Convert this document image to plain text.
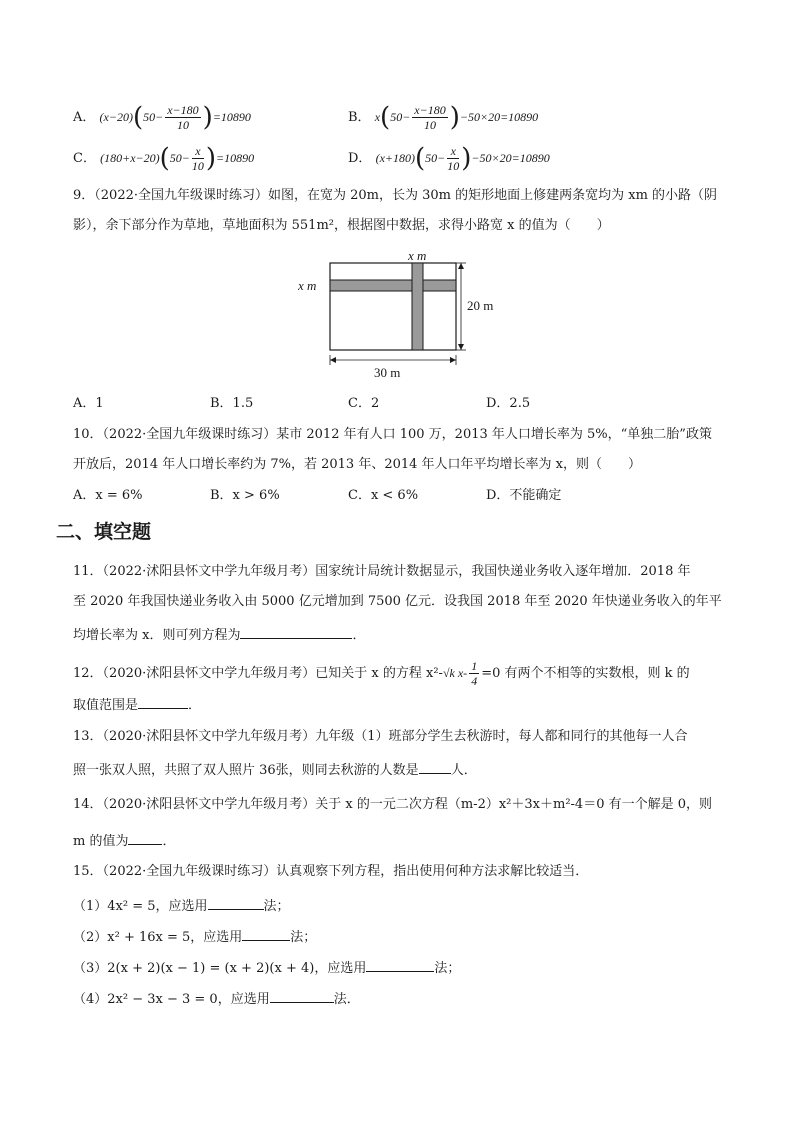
A． $(x-20)(50- \frac{x-180}{10} )=10890$	B． $x(50- \frac{x-180}{10} )-50\times 20=10890$
C． $(180+x-20)(50- \frac{x}{10} )=10890$	D． $(x+180)(50- \frac{x}{10} )-50\times 20=10890$
9．（2022·全国九年级课时练习）如图，在宽为 20m，长为 30m 的矩形地面上修建两条宽均为 xm 的小路（阴
影），余下部分作为草地，草地面积为 551m²，根据图中数据，求得小路宽 x 的值为（　　）
x m
x m
20 m
30 m
A．1	B．1.5	C．2	D．2.5
10．（2022·全国九年级课时练习）某市 2012 年有人口 100 万，2013 年人口增长率为 5%，“单独二胎”政策
开放后，2014 年人口增长率约为 7%，若 2013 年、2014 年人口年平均增长率为 x，则（　　）
A．x = 6%	B．x > 6%	C．x < 6%	D．不能确定
二、填空题
11．（2022·沭阳县怀文中学九年级月考）国家统计局统计数据显示，我国快递业务收入逐年增加．2018 年
至 2020 年我国快递业务收入由 5000 亿元增加到 7500 亿元．设我国 2018 年至 2020 年快递业务收入的年平
均增长率为 x．则可列方程为	．
12．（2020·沭阳县怀文中学九年级月考）已知关于 x 的方程 x²-√k $x- \frac{1}{4} =0$ 有两个不相等的实数根，则 k 的
取值范围是	．
13．（2020·沭阳县怀文中学九年级月考）九年级（1）班部分学生去秋游时，每人都和同行的其他每一人合
照一张双人照，共照了双人照片 36张，则同去秋游的人数是 人．
14．（2020·沭阳县怀文中学九年级月考）关于 x 的一元二次方程（m-2）x²＋3x＋m²-4＝0 有一个解是 0，则
m 的值为	．
15．（2022·全国九年级课时练习）认真观察下列方程，指出使用何种方法求解比较适当．
（1）4x² = 5，应选用	法；
（2）x² + 16x = 5，应选用	法；
（3）2(x + 2)(x − 1) = (x + 2)(x + 4)，应选用	法；
（4）2x² − 3x − 3 = 0，应选用	法．
